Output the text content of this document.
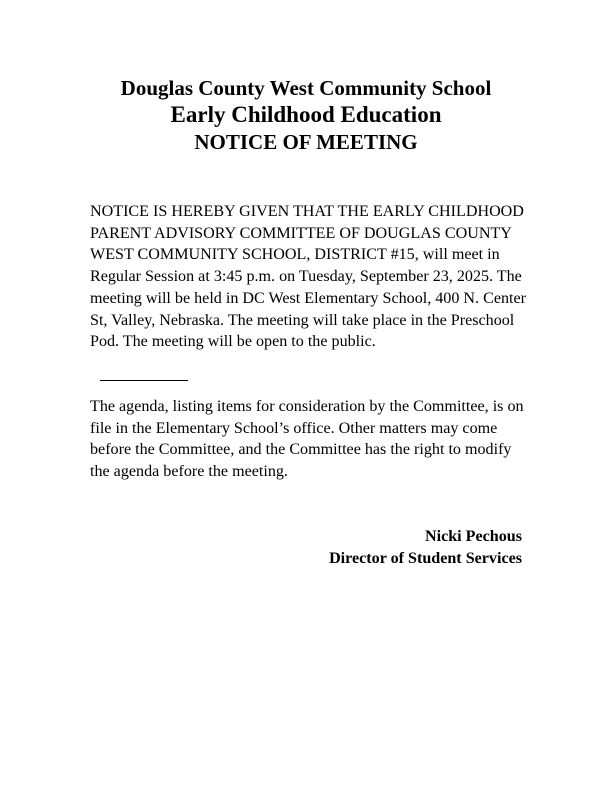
Douglas County West Community School
Early Childhood Education
NOTICE OF MEETING
NOTICE IS HEREBY GIVEN THAT THE EARLY CHILDHOOD PARENT ADVISORY COMMITTEE OF DOUGLAS COUNTY WEST COMMUNITY SCHOOL, DISTRICT #15, will meet in Regular Session at 3:45 p.m. on Tuesday, September 23, 2025. The meeting will be held in DC West Elementary School, 400 N. Center St, Valley, Nebraska. The meeting will take place in the Preschool Pod. The meeting will be open to the public.
The agenda, listing items for consideration by the Committee, is on file in the Elementary School’s office. Other matters may come before the Committee, and the Committee has the right to modify the agenda before the meeting.
Nicki Pechous
Director of Student Services
